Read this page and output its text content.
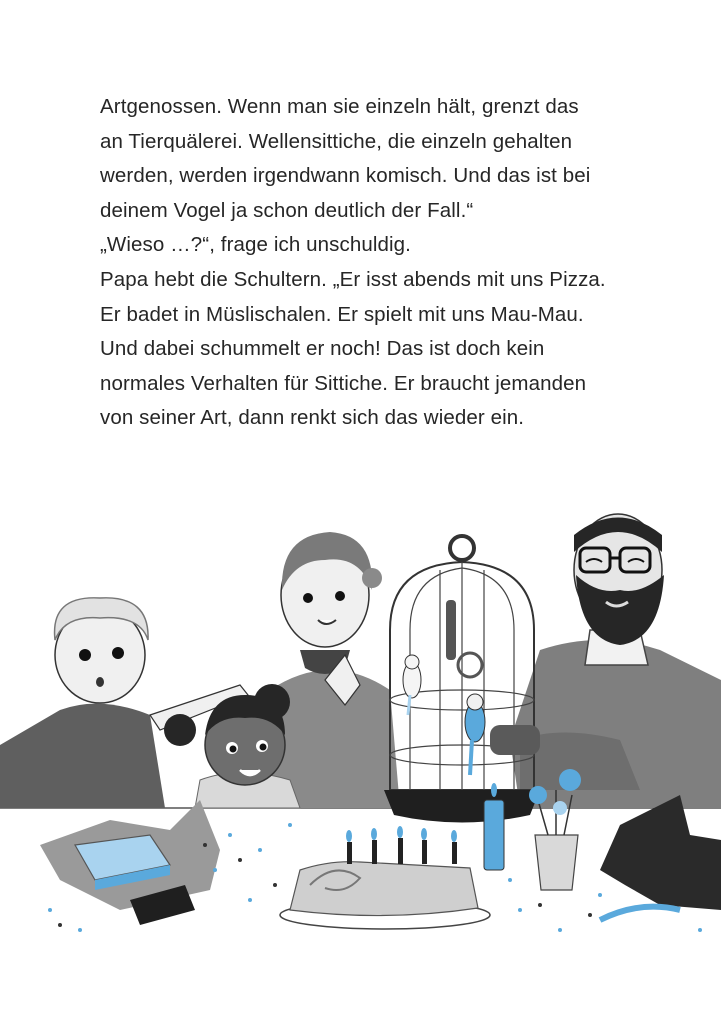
Artgenossen. Wenn man sie einzeln hält, grenzt das
an Tierquälerei. Wellensittiche, die einzeln gehalten
werden, werden irgendwann komisch. Und das ist bei
deinem Vogel ja schon deutlich der Fall.“
„Wieso …?“, frage ich unschuldig.
Papa hebt die Schultern. „Er isst abends mit uns Pizza.
Er badet in Müslischalen. Er spielt mit uns Mau-Mau.
Und dabei schummelt er noch! Das ist doch kein
normales Verhalten für Sittiche. Er braucht jemanden
von seiner Art, dann renkt sich das wieder ein.
